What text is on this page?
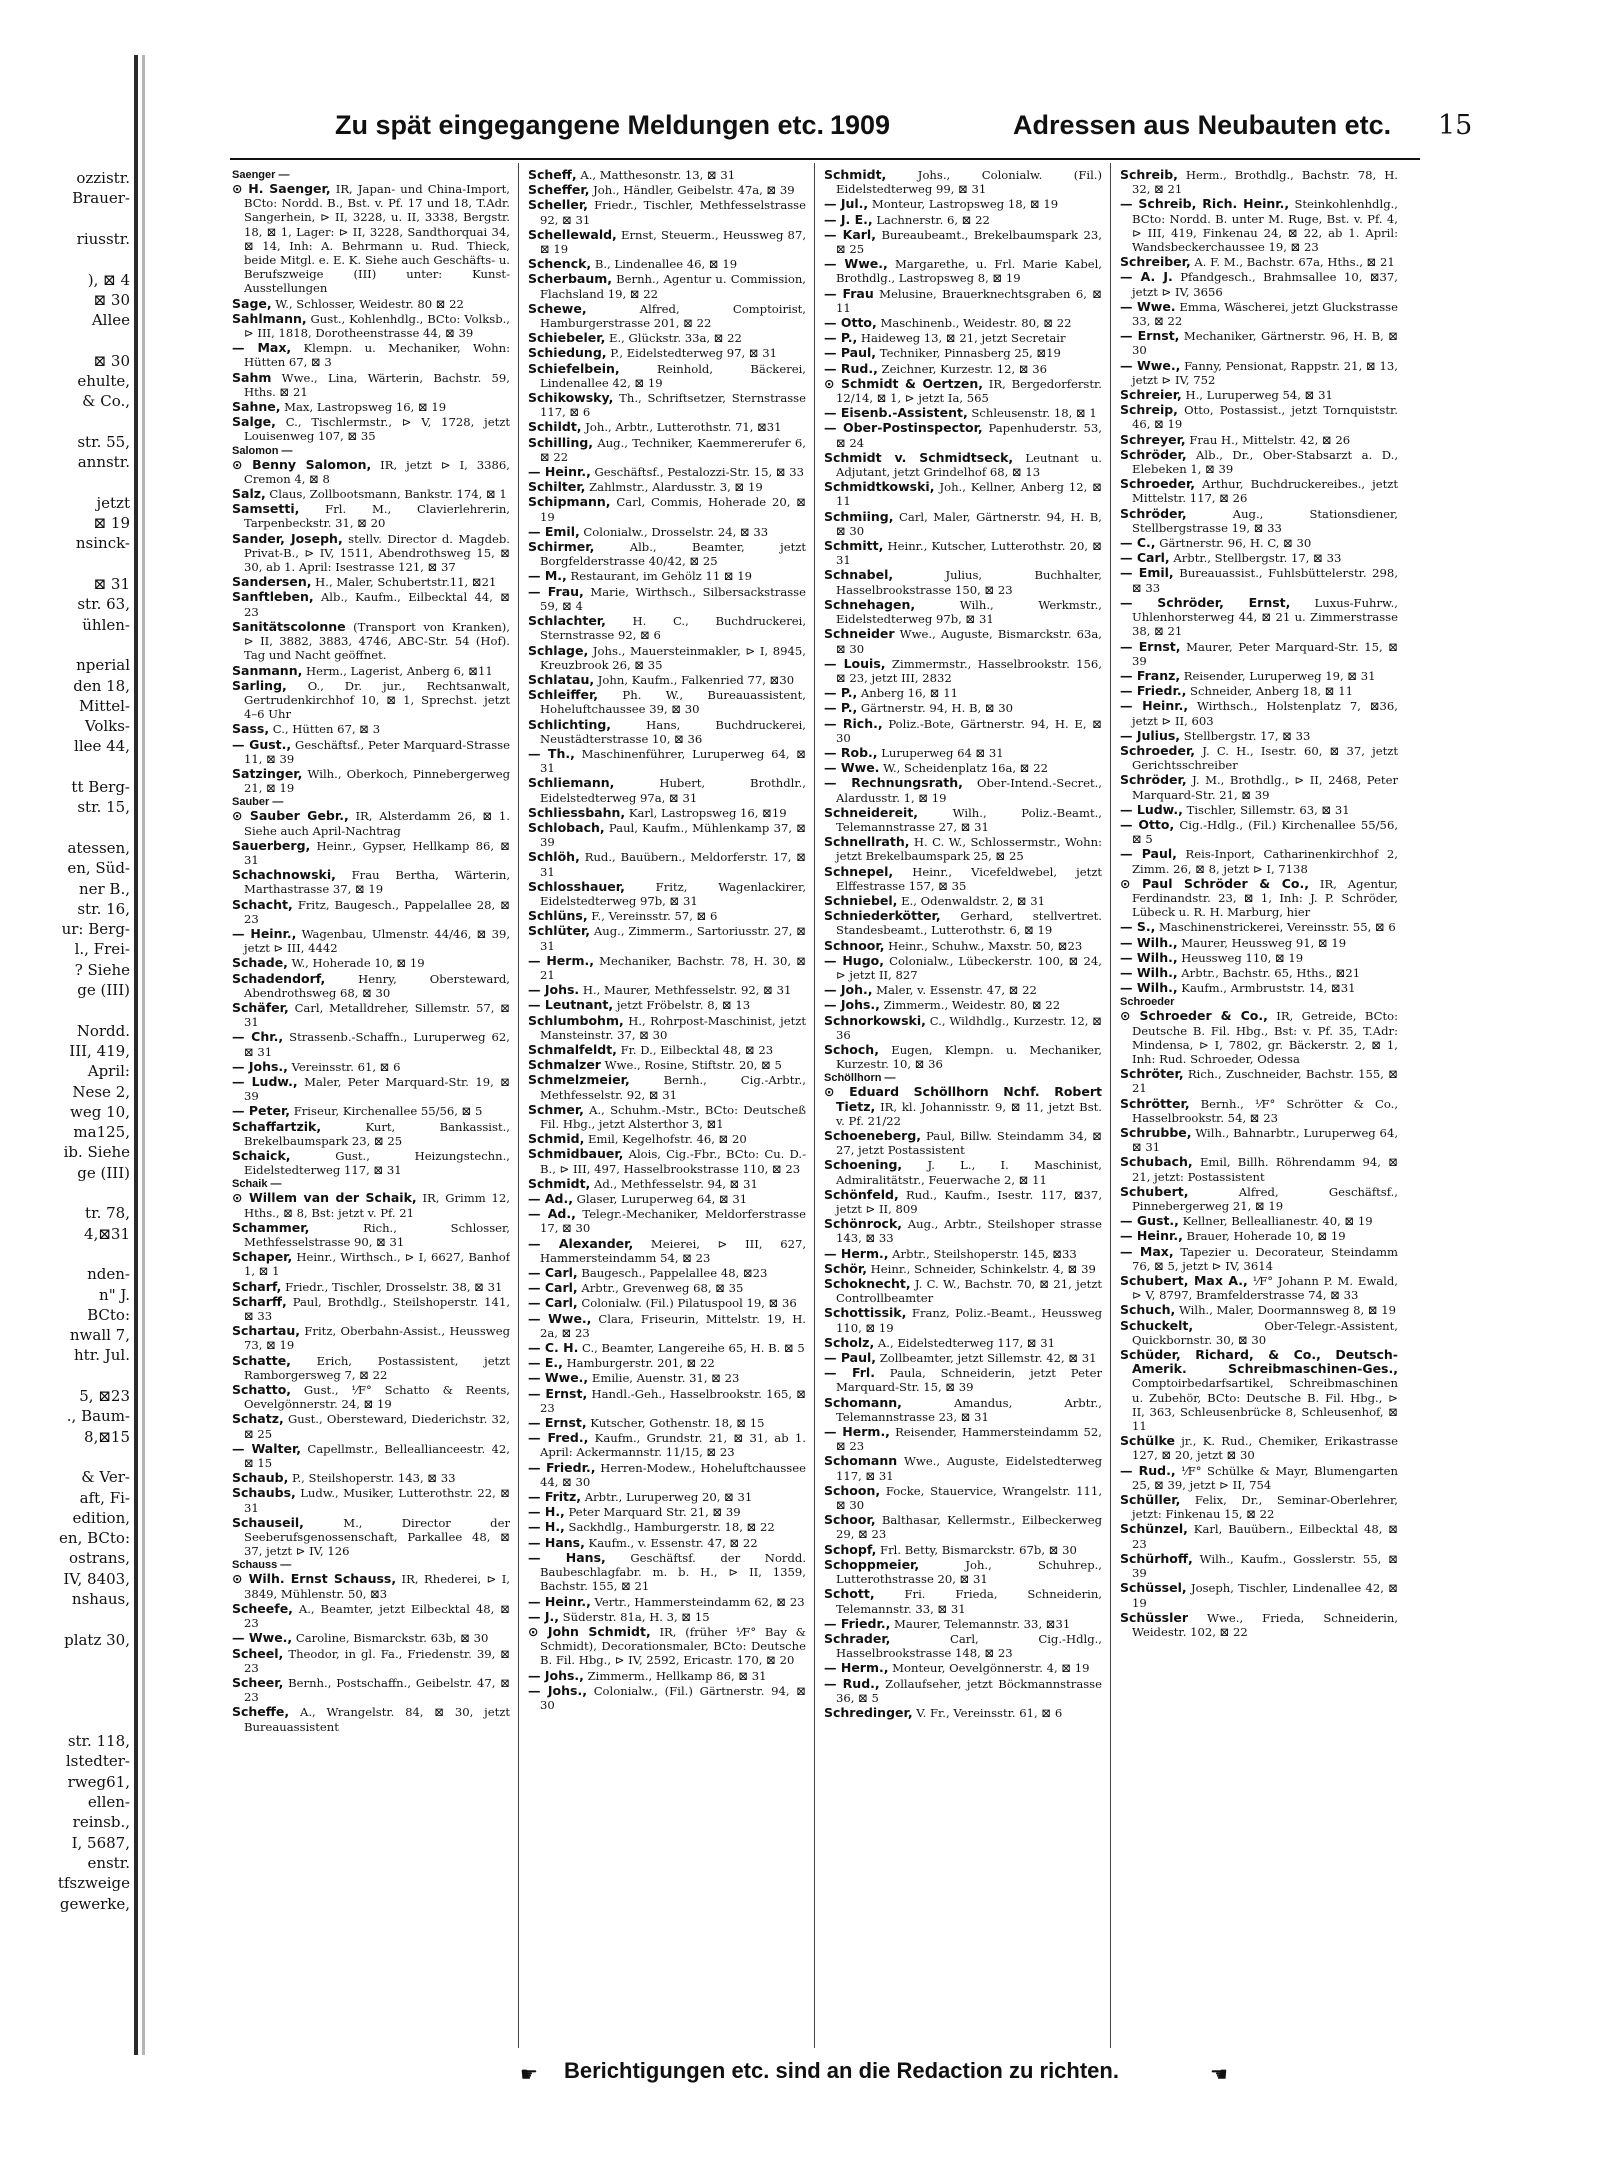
Zu spät eingegangene Meldungen etc. 1909	Adressen aus Neubauten etc. 15
Saenger —
⊙ H. Saenger, IR, Japan- und China-Import, BCto: Nordd. B., Bst. v. Pf. 17 und 18, T.Adr. Sangerhein, ⊳ II, 3228, u. II, 3338, Bergstr. 18, ⊠ 1, Lager: ⊳ II, 3228, Sandthorquai 34, ⊠ 14, Inh: A. Behrmann u. Rud. Thieck, beide Mitgl. e. E. K. Siehe auch Geschäfts- u. Berufszweige (III) unter: Kunst-Ausstellungen
Sage, W., Schlosser, Weidestr. 80 ⊠ 22
Sahlmann, Gust., Kohlenhdlg., BCto: Volksb., ⊳ III, 1818, Dorotheenstrasse 44, ⊠ 39
— Max, Klempn. u. Mechaniker, Wohn: Hütten 67, ⊠ 3
Sahm Wwe., Lina, Wärterin, Bachstr. 59, Hths. ⊠ 21
Sahne, Max, Lastropsweg 16, ⊠ 19
Salge, C., Tischlermstr., ⊳ V, 1728, jetzt Louisenweg 107, ⊠ 35
Salomon —
⊙ Benny Salomon, IR, jetzt ⊳ I, 3386, Cremon 4, ⊠ 8
Salz, Claus, Zollbootsmann, Bankstr. 174, ⊠ 1
Samsetti, Frl. M., Clavierlehrerin, Tarpenbeckstr. 31, ⊠ 20
Sander, Joseph, stellv. Director d. Magdeb. Privat-B., ⊳ IV, 1511, Abendrothsweg 15, ⊠ 30, ab 1. April: Isestrasse 121, ⊠ 37
Sandersen, H., Maler, Schubertstr.11, ⊠21
Sanftleben, Alb., Kaufm., Eilbecktal 44, ⊠ 23
Sanitätscolonne (Transport von Kranken), ⊳ II, 3882, 3883, 4746, ABC-Str. 54 (Hof). Tag und Nacht geöffnet.
Sanmann, Herm., Lagerist, Anberg 6, ⊠11
Sarling, O., Dr. jur., Rechtsanwalt, Gertrudenkirchhof 10, ⊠ 1, Sprechst. jetzt 4–6 Uhr
Sass, C., Hütten 67, ⊠ 3
— Gust., Geschäftsf., Peter Marquard-Strasse 11, ⊠ 39
Satzinger, Wilh., Oberkoch, Pinnebergerweg 21, ⊠ 19
Sauber —
⊙ Sauber Gebr., IR, Alsterdamm 26, ⊠ 1. Siehe auch April-Nachtrag
Sauerberg, Heinr., Gypser, Hellkamp 86, ⊠ 31
Schachnowski, Frau Bertha, Wärterin, Marthastrasse 37, ⊠ 19
Schacht, Fritz, Baugesch., Pappelallee 28, ⊠ 23
— Heinr., Wagenbau, Ulmenstr. 44/46, ⊠ 39, jetzt ⊳ III, 4442
Schade, W., Hoherade 10, ⊠ 19
Schadendorf, Henry, Obersteward, Abendrothsweg 68, ⊠ 30
Schäfer, Carl, Metalldreher, Sillemstr. 57, ⊠ 31
— Chr., Strassenb.-Schaffn., Luruperweg 62, ⊠ 31
— Johs., Vereinsstr. 61, ⊠ 6
— Ludw., Maler, Peter Marquard-Str. 19, ⊠ 39
— Peter, Friseur, Kirchenallee 55/56, ⊠ 5
Schaffartzik, Kurt, Bankassist., Brekelbaumspark 23, ⊠ 25
Schaick, Gust., Heizungstechn., Eidelstedterweg 117, ⊠ 31
Schaik —
⊙ Willem van der Schaik, IR, Grimm 12, Hths., ⊠ 8, Bst: jetzt v. Pf. 21
Schammer, Rich., Schlosser, Methfesselstrasse 90, ⊠ 31
Schaper, Heinr., Wirthsch., ⊳ I, 6627, Banhof 1, ⊠ 1
Scharf, Friedr., Tischler, Drosselstr. 38, ⊠ 31
Scharff, Paul, Brothdlg., Steilshoperstr. 141, ⊠ 33
Schartau, Fritz, Oberbahn-Assist., Heussweg 73, ⊠ 19
Schatte, Erich, Postassistent, jetzt Ramborgersweg 7, ⊠ 22
Schatto, Gust., ⅟F° Schatto & Reents, Oevelgönnerstr. 24, ⊠ 19
Schatz, Gust., Obersteward, Diederichstr. 32, ⊠ 25
— Walter, Capellmstr., Belleallianceestr. 42, ⊠ 15
Schaub, P., Steilshoperstr. 143, ⊠ 33
Schaubs, Ludw., Musiker, Lutterothstr. 22, ⊠ 31
Schauseil, M., Director der Seeberufsgenossenschaft, Parkallee 48, ⊠ 37, jetzt ⊳ IV, 126
Schauss —
⊙ Wilh. Ernst Schauss, IR, Rhederei, ⊳ I, 3849, Mühlenstr. 50, ⊠3
Scheefe, A., Beamter, jetzt Eilbecktal 48, ⊠ 23
— Wwe., Caroline, Bismarckstr. 63b, ⊠ 30
Scheel, Theodor, in gl. Fa., Friedenstr. 39, ⊠ 23
Scheer, Bernh., Postschaffn., Geibelstr. 47, ⊠ 23
Scheffe, A., Wrangelstr. 84, ⊠ 30, jetzt Bureauassistent
Scheff, A., Matthesonstr. 13, ⊠ 31
Scheffer, Joh., Händler, Geibelstr. 47a, ⊠ 39
Scheller, Friedr., Tischler, Methfesselstrasse 92, ⊠ 31
Schellewald, Ernst, Steuerm., Heussweg 87, ⊠ 19
Schenck, B., Lindenallee 46, ⊠ 19
Scherbaum, Bernh., Agentur u. Commission, Flachsland 19, ⊠ 22
Schewe, Alfred, Comptoirist, Hamburgerstrasse 201, ⊠ 22
Schiebeler, E., Glückstr. 33a, ⊠ 22
Schiedung, P., Eidelstedterweg 97, ⊠ 31
Schiefelbein, Reinhold, Bäckerei, Lindenallee 42, ⊠ 19
Schikowsky, Th., Schriftsetzer, Sternstrasse 117, ⊠ 6
Schildt, Joh., Arbtr., Lutterothstr. 71, ⊠31
Schilling, Aug., Techniker, Kaemmererufer 6, ⊠ 22
— Heinr., Geschäftsf., Pestalozzi-Str. 15, ⊠ 33
Schilter, Zahlmstr., Alardusstr. 3, ⊠ 19
Schipmann, Carl, Commis, Hoherade 20, ⊠ 19
— Emil, Colonialw., Drosselstr. 24, ⊠ 33
Schirmer, Alb., Beamter, jetzt Borgfelderstrasse 40/42, ⊠ 25
— M., Restaurant, im Gehölz 11 ⊠ 19
— Frau, Marie, Wirthsch., Silbersackstrasse 59, ⊠ 4
Schlachter, H. C., Buchdruckerei, Sternstrasse 92, ⊠ 6
Schlage, Johs., Mauersteinmakler, ⊳ I, 8945, Kreuzbrook 26, ⊠ 35
Schlatau, John, Kaufm., Falkenried 77, ⊠30
Schleiffer, Ph. W., Bureauassistent, Hoheluftchaussee 39, ⊠ 30
Schlichting, Hans, Buchdruckerei, Neustädterstrasse 10, ⊠ 36
— Th., Maschinenführer, Luruperweg 64, ⊠ 31
Schliemann, Hubert, Brothdlr., Eidelstedterweg 97a, ⊠ 31
Schliessbahn, Karl, Lastropsweg 16, ⊠19
Schlobach, Paul, Kaufm., Mühlenkamp 37, ⊠ 39
Schlöh, Rud., Bauübern., Meldorferstr. 17, ⊠ 31
Schlosshauer, Fritz, Wagenlackirer, Eidelstedterweg 97b, ⊠ 31
Schlüns, F., Vereinsstr. 57, ⊠ 6
Schlüter, Aug., Zimmerm., Sartoriusstr. 27, ⊠ 31
— Herm., Mechaniker, Bachstr. 78, H. 30, ⊠ 21
— Johs. H., Maurer, Methfesselstr. 92, ⊠ 31
— Leutnant, jetzt Fröbelstr. 8, ⊠ 13
Schlumbohm, H., Rohrpost-Maschinist, jetzt Mansteinstr. 37, ⊠ 30
Schmalfeldt, Fr. D., Eilbecktal 48, ⊠ 23
Schmalzer Wwe., Rosine, Stiftstr. 20, ⊠ 5
Schmelzmeier, Bernh., Cig.-Arbtr., Methfesselstr. 92, ⊠ 31
Schmer, A., Schuhm.-Mstr., BCto: Deutscheß Fil. Hbg., jetzt Alsterthor 3, ⊠1
Schmid, Emil, Kegelhofstr. 46, ⊠ 20
Schmidbauer, Alois, Cig.-Fbr., BCto: Cu. D.-B., ⊳ III, 497, Hasselbrookstrasse 110, ⊠ 23
Schmidt, Ad., Methfesselstr. 94, ⊠ 31
— Ad., Glaser, Luruperweg 64, ⊠ 31
— Ad., Telegr.-Mechaniker, Meldorferstrasse 17, ⊠ 30
— Alexander, Meierei, ⊳ III, 627, Hammersteindamm 54, ⊠ 23
— Carl, Baugesch., Pappelallee 48, ⊠23
— Carl, Arbtr., Grevenweg 68, ⊠ 35
— Carl, Colonialw. (Fil.) Pilatuspool 19, ⊠ 36
— Wwe., Clara, Friseurin, Mittelstr. 19, H. 2a, ⊠ 23
— C. H. C., Beamter, Langereihe 65, H. B. ⊠ 5
— E., Hamburgerstr. 201, ⊠ 22
— Wwe., Emilie, Auenstr. 31, ⊠ 23
— Ernst, Handl.-Geh., Hasselbrookstr. 165, ⊠ 23
— Ernst, Kutscher, Gothenstr. 18, ⊠ 15
— Fred., Kaufm., Grundstr. 21, ⊠ 31, ab 1. April: Ackermannstr. 11/15, ⊠ 23
— Friedr., Herren-Modew., Hoheluftchaussee 44, ⊠ 30
— Fritz, Arbtr., Luruperweg 20, ⊠ 31
— H., Peter Marquard Str. 21, ⊠ 39
— H., Sackhdlg., Hamburgerstr. 18, ⊠ 22
— Hans, Kaufm., v. Essenstr. 47, ⊠ 22
— Hans, Geschäftsf. der Nordd. Baubeschlagfabr. m. b. H., ⊳ II, 1359, Bachstr. 155, ⊠ 21
— Heinr., Vertr., Hammersteindamm 62, ⊠ 23
— J., Süderstr. 81a, H. 3, ⊠ 15
⊙ John Schmidt, IR, (früher ⅟F° Bay & Schmidt), Decorationsmaler, BCto: Deutsche B. Fil. Hbg., ⊳ IV, 2592, Ericastr. 170, ⊠ 20
— Johs., Zimmerm., Hellkamp 86, ⊠ 31
— Johs., Colonialw., (Fil.) Gärtnerstr. 94, ⊠ 30
Schmidt, Johs., Colonialw. (Fil.) Eidelstedterweg 99, ⊠ 31
— Jul., Monteur, Lastropsweg 18, ⊠ 19
— J. E., Lachnerstr. 6, ⊠ 22
— Karl, Bureaubeamt., Brekelbaumspark 23, ⊠ 25
— Wwe., Margarethe, u. Frl. Marie Kabel, Brothdlg., Lastropsweg 8, ⊠ 19
— Frau Melusine, Brauerknechtsgraben 6, ⊠ 11
— Otto, Maschinenb., Weidestr. 80, ⊠ 22
— P., Haideweg 13, ⊠ 21, jetzt Secretair
— Paul, Techniker, Pinnasberg 25, ⊠19
— Rud., Zeichner, Kurzestr. 12, ⊠ 36
⊙ Schmidt & Oertzen, IR, Bergedorferstr. 12/14, ⊠ 1, ⊳ jetzt Ia, 565
— Eisenb.-Assistent, Schleusenstr. 18, ⊠ 1
— Ober-Postinspector, Papenhuderstr. 53, ⊠ 24
Schmidt v. Schmidtseck, Leutnant u. Adjutant, jetzt Grindelhof 68, ⊠ 13
Schmidtkowski, Joh., Kellner, Anberg 12, ⊠ 11
Schmiing, Carl, Maler, Gärtnerstr. 94, H. B, ⊠ 30
Schmitt, Heinr., Kutscher, Lutterothstr. 20, ⊠ 31
Schnabel, Julius, Buchhalter, Hasselbrookstrasse 150, ⊠ 23
Schnehagen, Wilh., Werkmstr., Eidelstedterweg 97b, ⊠ 31
Schneider Wwe., Auguste, Bismarckstr. 63a, ⊠ 30
— Louis, Zimmermstr., Hasselbrookstr. 156, ⊠ 23, jetzt III, 2832
— P., Anberg 16, ⊠ 11
— P., Gärtnerstr. 94, H. B, ⊠ 30
— Rich., Poliz.-Bote, Gärtnerstr. 94, H. E, ⊠ 30
— Rob., Luruperweg 64 ⊠ 31
— Wwe. W., Scheidenplatz 16a, ⊠ 22
— Rechnungsrath, Ober-Intend.-Secret., Alardusstr. 1, ⊠ 19
Schneidereit, Wilh., Poliz.-Beamt., Telemannstrasse 27, ⊠ 31
Schnellrath, H. C. W., Schlossermstr., Wohn: jetzt Brekelbaumspark 25, ⊠ 25
Schnepel, Heinr., Vicefeldwebel, jetzt Elffestrasse 157, ⊠ 35
Schniebel, E., Odenwaldstr. 2, ⊠ 31
Schniederkötter, Gerhard, stellvertret. Standesbeamt., Lutterothstr. 6, ⊠ 19
Schnoor, Heinr., Schuhw., Maxstr. 50, ⊠23
— Hugo, Colonialw., Lübeckerstr. 100, ⊠ 24, ⊳ jetzt II, 827
— Joh., Maler, v. Essenstr. 47, ⊠ 22
— Johs., Zimmerm., Weidestr. 80, ⊠ 22
Schnorkowski, C., Wildhdlg., Kurzestr. 12, ⊠ 36
Schoch, Eugen, Klempn. u. Mechaniker, Kurzestr. 10, ⊠ 36
Schöllhorn —
⊙ Eduard Schöllhorn Nchf. Robert Tietz, IR, kl. Johannisstr. 9, ⊠ 11, jetzt Bst. v. Pf. 21/22
Schoeneberg, Paul, Billw. Steindamm 34, ⊠ 27, jetzt Postassistent
Schoening, J. L., I. Maschinist, Admiralitätstr., Feuerwache 2, ⊠ 11
Schönfeld, Rud., Kaufm., Isestr. 117, ⊠37, jetzt ⊳ II, 809
Schönrock, Aug., Arbtr., Steilshoper strasse 143, ⊠ 33
— Herm., Arbtr., Steilshoperstr. 145, ⊠33
Schör, Heinr., Schneider, Schinkelstr. 4, ⊠ 39
Schoknecht, J. C. W., Bachstr. 70, ⊠ 21, jetzt Controllbeamter
Schottissik, Franz, Poliz.-Beamt., Heussweg 110, ⊠ 19
Scholz, A., Eidelstedterweg 117, ⊠ 31
— Paul, Zollbeamter, jetzt Sillemstr. 42, ⊠ 31
— Frl. Paula, Schneiderin, jetzt Peter Marquard-Str. 15, ⊠ 39
Schomann, Amandus, Arbtr., Telemannstrasse 23, ⊠ 31
— Herm., Reisender, Hammersteindamm 52, ⊠ 23
Schomann Wwe., Auguste, Eidelstedterweg 117, ⊠ 31
Schoon, Focke, Stauervice, Wrangelstr. 111, ⊠ 30
Schoor, Balthasar, Kellermstr., Eilbeckerweg 29, ⊠ 23
Schopf, Frl. Betty, Bismarckstr. 67b, ⊠ 30
Schoppmeier, Joh., Schuhrep., Lutterothstrasse 20, ⊠ 31
Schott, Fri. Frieda, Schneiderin, Telemannstr. 33, ⊠ 31
— Friedr., Maurer, Telemannstr. 33, ⊠31
Schrader, Carl, Cig.-Hdlg., Hasselbrookstrasse 148, ⊠ 23
— Herm., Monteur, Oevelgönnerstr. 4, ⊠ 19
— Rud., Zollaufseher, jetzt Böckmannstrasse 36, ⊠ 5
Schredinger, V. Fr., Vereinsstr. 61, ⊠ 6
Schreib, Herm., Brothdlg., Bachstr. 78, H. 32, ⊠ 21
— Schreib, Rich. Heinr., Steinkohlenhdlg., BCto: Nordd. B. unter M. Ruge, Bst. v. Pf. 4, ⊳ III, 419, Finkenau 24, ⊠ 22, ab 1. April: Wandsbeckerchaussee 19, ⊠ 23
Schreiber, A. F. M., Bachstr. 67a, Hths., ⊠ 21
— A. J. Pfandgesch., Brahmsallee 10, ⊠37, jetzt ⊳ IV, 3656
— Wwe. Emma, Wäscherei, jetzt Gluckstrasse 33, ⊠ 22
— Ernst, Mechaniker, Gärtnerstr. 96, H. B, ⊠ 30
— Wwe., Fanny, Pensionat, Rappstr. 21, ⊠ 13, jetzt ⊳ IV, 752
Schreier, H., Luruperweg 54, ⊠ 31
Schreip, Otto, Postassist., jetzt Tornquiststr. 46, ⊠ 19
Schreyer, Frau H., Mittelstr. 42, ⊠ 26
Schröder, Alb., Dr., Ober-Stabsarzt a. D., Elebeken 1, ⊠ 39
Schroeder, Arthur, Buchdruckereibes., jetzt Mittelstr. 117, ⊠ 26
Schröder, Aug., Stationsdiener, Stellbergstrasse 19, ⊠ 33
— C., Gärtnerstr. 96, H. C, ⊠ 30
— Carl, Arbtr., Stellbergstr. 17, ⊠ 33
— Emil, Bureauassist., Fuhlsbüttelerstr. 298, ⊠ 33
— Schröder, Ernst, Luxus-Fuhrw., Uhlenhorsterweg 44, ⊠ 21 u. Zimmerstrasse 38, ⊠ 21
— Ernst, Maurer, Peter Marquard-Str. 15, ⊠ 39
— Franz, Reisender, Luruperweg 19, ⊠ 31
— Friedr., Schneider, Anberg 18, ⊠ 11
— Heinr., Wirthsch., Holstenplatz 7, ⊠36, jetzt ⊳ II, 603
— Julius, Stellbergstr. 17, ⊠ 33
Schroeder, J. C. H., Isestr. 60, ⊠ 37, jetzt Gerichtsschreiber
Schröder, J. M., Brothdlg., ⊳ II, 2468, Peter Marquard-Str. 21, ⊠ 39
— Ludw., Tischler, Sillemstr. 63, ⊠ 31
— Otto, Cig.-Hdlg., (Fil.) Kirchenallee 55/56, ⊠ 5
— Paul, Reis-Inport, Catharinenkirchhof 2, Zimm. 26, ⊠ 8, jetzt ⊳ I, 7138
⊙ Paul Schröder & Co., IR, Agentur, Ferdinandstr. 23, ⊠ 1, Inh: J. P. Schröder, Lübeck u. R. H. Marburg, hier
— S., Maschinenstrickerei, Vereinsstr. 55, ⊠ 6
— Wilh., Maurer, Heussweg 91, ⊠ 19
— Wilh., Heussweg 110, ⊠ 19
— Wilh., Arbtr., Bachstr. 65, Hths., ⊠21
— Wilh., Kaufm., Armbruststr. 14, ⊠31
Schroeder
⊙ Schroeder & Co., IR, Getreide, BCto: Deutsche B. Fil. Hbg., Bst: v. Pf. 35, T.Adr: Mindensa, ⊳ I, 7802, gr. Bäckerstr. 2, ⊠ 1, Inh: Rud. Schroeder, Odessa
Schröter, Rich., Zuschneider, Bachstr. 155, ⊠ 21
Schrötter, Bernh., ⅟F° Schrötter & Co., Hasselbrookstr. 54, ⊠ 23
Schrubbe, Wilh., Bahnarbtr., Luruperweg 64, ⊠ 31
Schubach, Emil, Billh. Röhrendamm 94, ⊠ 21, jetzt: Postassistent
Schubert, Alfred, Geschäftsf., Pinnebergerweg 21, ⊠ 19
— Gust., Kellner, Belleallianestr. 40, ⊠ 19
— Heinr., Brauer, Hoherade 10, ⊠ 19
— Max, Tapezier u. Decorateur, Steindamm 76, ⊠ 5, jetzt ⊳ IV, 3614
Schubert, Max A., ⅟F° Johann P. M. Ewald, ⊳ V, 8797, Bramfelderstrasse 74, ⊠ 33
Schuch, Wilh., Maler, Doormannsweg 8, ⊠ 19
Schuckelt, Ober-Telegr.-Assistent, Quickbornstr. 30, ⊠ 30
Schüder, Richard, & Co., Deutsch-Amerik. Schreibmaschinen-Ges., Comptoirbedarfsartikel, Schreibmaschinen u. Zubehör, BCto: Deutsche B. Fil. Hbg., ⊳ II, 363, Schleusenbrücke 8, Schleusenhof, ⊠ 11
Schülke jr., K. Rud., Chemiker, Erikastrasse 127, ⊠ 20, jetzt ⊠ 30
— Rud., ⅟F° Schülke & Mayr, Blumengarten 25, ⊠ 39, jetzt ⊳ II, 754
Schüller, Felix, Dr., Seminar-Oberlehrer, jetzt: Finkenau 15, ⊠ 22
Schünzel, Karl, Bauübern., Eilbecktal 48, ⊠ 23
Schürhoff, Wilh., Kaufm., Gosslerstr. 55, ⊠ 39
Schüssel, Joseph, Tischler, Lindenallee 42, ⊠ 19
Schüssler Wwe., Frieda, Schneiderin, Weidestr. 102, ⊠ 22
☛ Berichtigungen etc. sind an die Redaction zu richten.	☚
ozzistr.
Brauer-
riusstr.
), ⊠ 4
⊠ 30
Allee
⊠ 30
ehulte,
& Co.,
str. 55,
annstr.
jetzt
⊠ 19
nsinck-
⊠ 31
str. 63,
ühlen-
nperial
den 18,
Mittel-
Volks-
llee 44,
tt Berg-
str. 15,
atessen,
en, Süd-
ner B.,
str. 16,
ur: Berg-
l., Frei-
? Siehe
ge (III)
Nordd.
III, 419,
April:
Nese 2,
weg 10,
ma125,
ib. Siehe
ge (III)
tr. 78,
4,⊠31
nden-
n" J.
BCto:
nwall 7,
htr. Jul.
5, ⊠23
., Baum-
8,⊠15
& Ver-
aft, Fi-
edition,
en, BCto:
ostrans,
IV, 8403,
nshaus,
platz 30,
str. 118,
lstedter-
rweg61,
ellen-
reinsb.,
I, 5687,
enstr.
tfszweige
gewerke,
